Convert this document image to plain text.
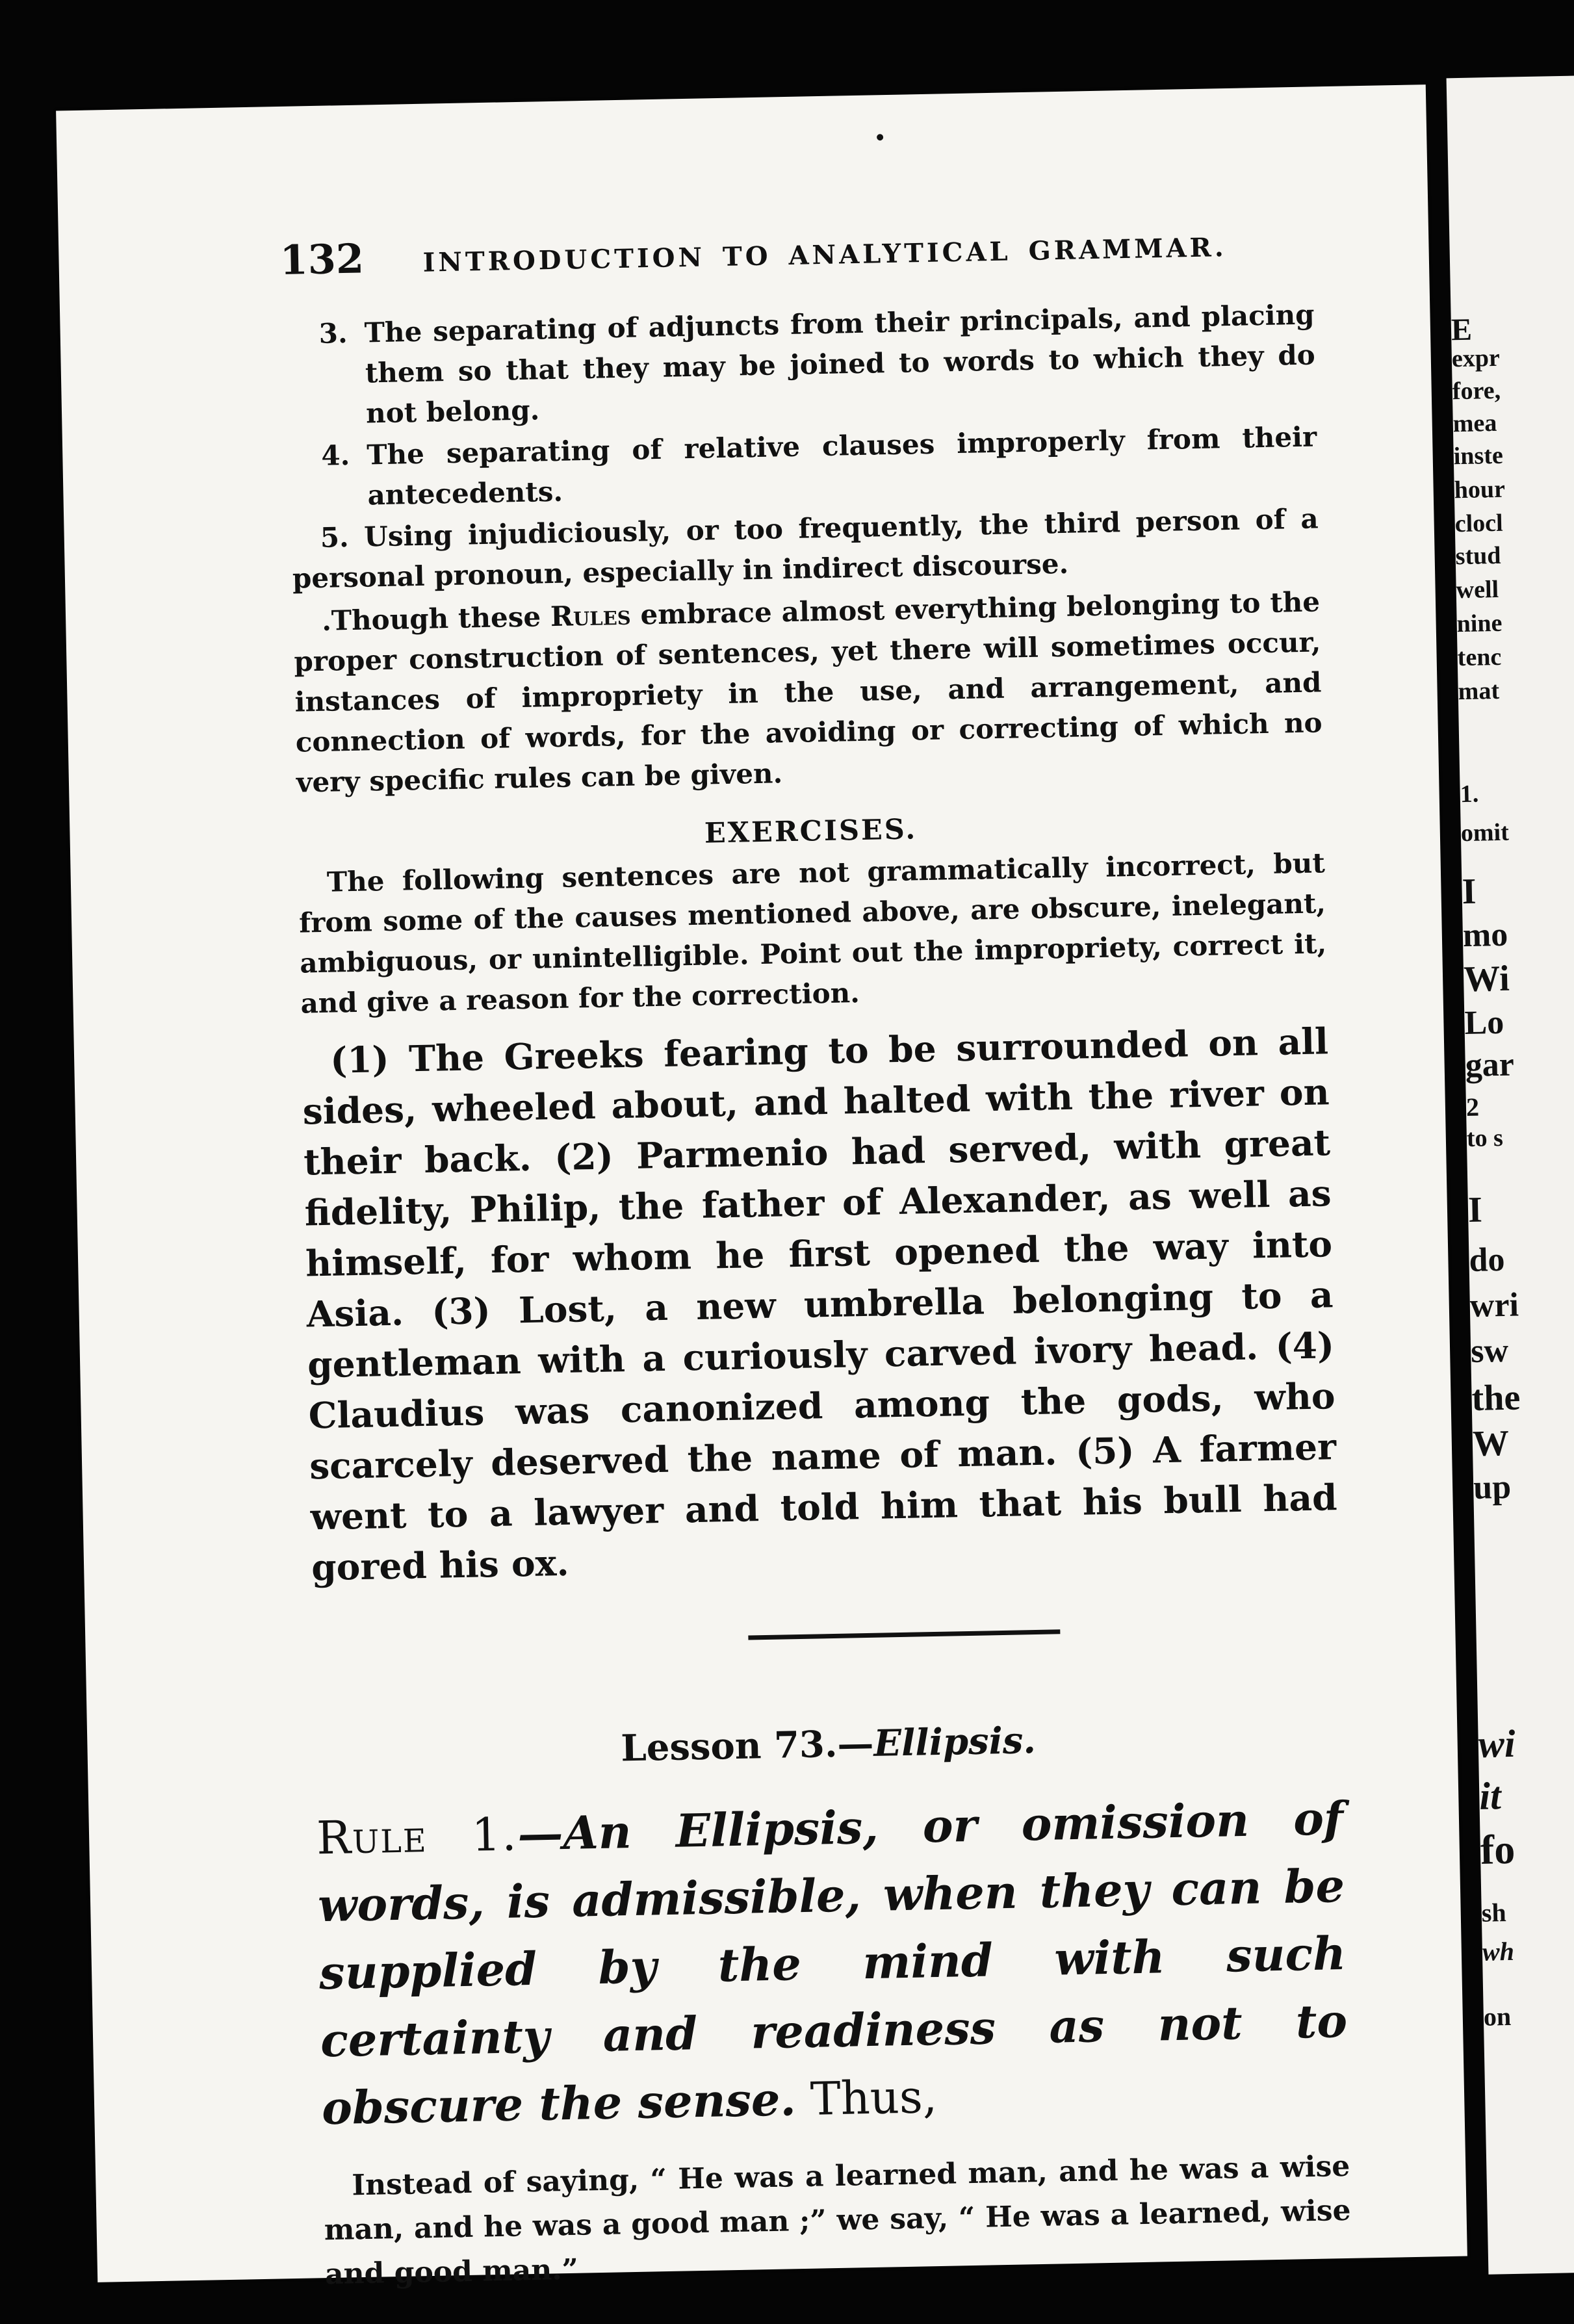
E
expr
fore,
mea
inste
hour
clocl
stud
well
nine
tenc
mat
1.
omit
I
mo
Wi
Lo
gar
2
to s
I
do
wri
sw
the
W
up
wi
it
fo
sh
wh
on
132	INTRODUCTION TO ANALYTICAL GRAMMAR.
3. The separating of adjuncts from their principals, and placing them so that they may be joined to words to which they do not belong.
4. The separating of relative clauses improperly from their antecedents.
5. Using injudiciously, or too frequently, the third person of a personal pronoun, especially in indirect discourse.
.Though these Rules embrace almost everything belonging to the proper construction of sentences, yet there will sometimes occur, instances of impropriety in the use, and arrangement, and connection of words, for the avoiding or correcting of which no very specific rules can be given.
EXERCISES.
The following sentences are not grammatically incorrect, but from some of the causes mentioned above, are obscure, inelegant, ambiguous, or unintelligible. Point out the impropriety, correct it, and give a reason for the correction.
(1) The Greeks fearing to be surrounded on all sides, wheeled about, and halted with the river on their back. (2) Parmenio had served, with great fidelity, Philip, the father of Alexander, as well as himself, for whom he first opened the way into Asia. (3) Lost, a new umbrella belonging to a gentleman with a curiously carved ivory head. (4) Claudius was canonized among the gods, who scarcely deserved the name of man. (5) A farmer went to a lawyer and told him that his bull had gored his ox.
Lesson 73.—Ellipsis.
Rule 1.—An Ellipsis, or omission of words, is admissible, when they can be supplied by the mind with such certainty and readiness as not to obscure the sense. Thus,
Instead of saying, “ He was a learned man, and he was a wise man, and he was a good man ;” we say, “ He was a learned, wise and good man.”
